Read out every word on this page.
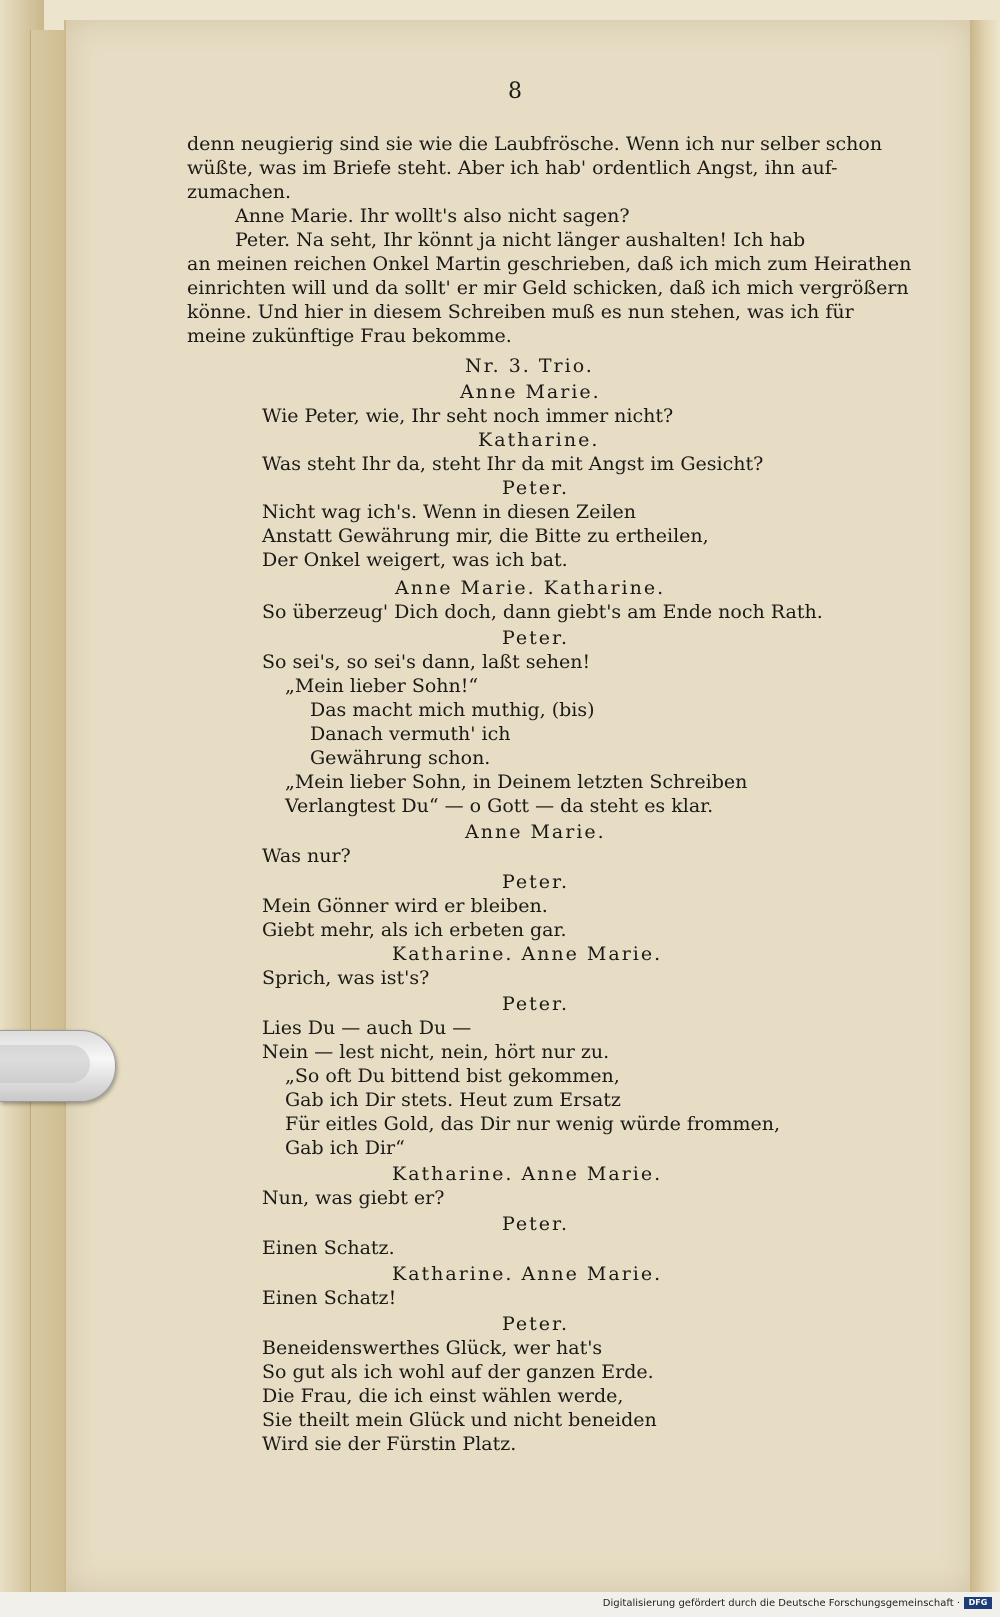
8
denn neugierig sind sie wie die Laubfrösche. Wenn ich nur selber schon
wüßte, was im Briefe steht. Aber ich hab' ordentlich Angst, ihn auf-
zumachen.
Anne Marie. Ihr wollt's also nicht sagen?
Peter. Na seht, Ihr könnt ja nicht länger aushalten! Ich hab
an meinen reichen Onkel Martin geschrieben, daß ich mich zum Heirathen
einrichten will und da sollt' er mir Geld schicken, daß ich mich vergrößern
könne. Und hier in diesem Schreiben muß es nun stehen, was ich für
meine zukünftige Frau bekomme.
Nr. 3. Trio.
Anne Marie.
Wie Peter, wie, Ihr seht noch immer nicht?
Katharine.
Was steht Ihr da, steht Ihr da mit Angst im Gesicht?
Peter.
Nicht wag ich's. Wenn in diesen Zeilen
Anstatt Gewährung mir, die Bitte zu ertheilen,
Der Onkel weigert, was ich bat.
Anne Marie. Katharine.
So überzeug' Dich doch, dann giebt's am Ende noch Rath.
Peter.
So sei's, so sei's dann, laßt sehen!
„Mein lieber Sohn!“
Das macht mich muthig, (bis)
Danach vermuth' ich
Gewährung schon.
„Mein lieber Sohn, in Deinem letzten Schreiben
Verlangtest Du“ — o Gott — da steht es klar.
Anne Marie.
Was nur?
Peter.
Mein Gönner wird er bleiben.
Giebt mehr, als ich erbeten gar.
Katharine. Anne Marie.
Sprich, was ist's?
Peter.
Lies Du — auch Du —
Nein — lest nicht, nein, hört nur zu.
„So oft Du bittend bist gekommen,
Gab ich Dir stets. Heut zum Ersatz
Für eitles Gold, das Dir nur wenig würde frommen,
Gab ich Dir“
Katharine. Anne Marie.
Nun, was giebt er?
Peter.
Einen Schatz.
Katharine. Anne Marie.
Einen Schatz!
Peter.
Beneidenswerthes Glück, wer hat's
So gut als ich wohl auf der ganzen Erde.
Die Frau, die ich einst wählen werde,
Sie theilt mein Glück und nicht beneiden
Wird sie der Fürstin Platz.
Digitalisierung gefördert durch die Deutsche Forschungsgemeinschaft ·	DFG
